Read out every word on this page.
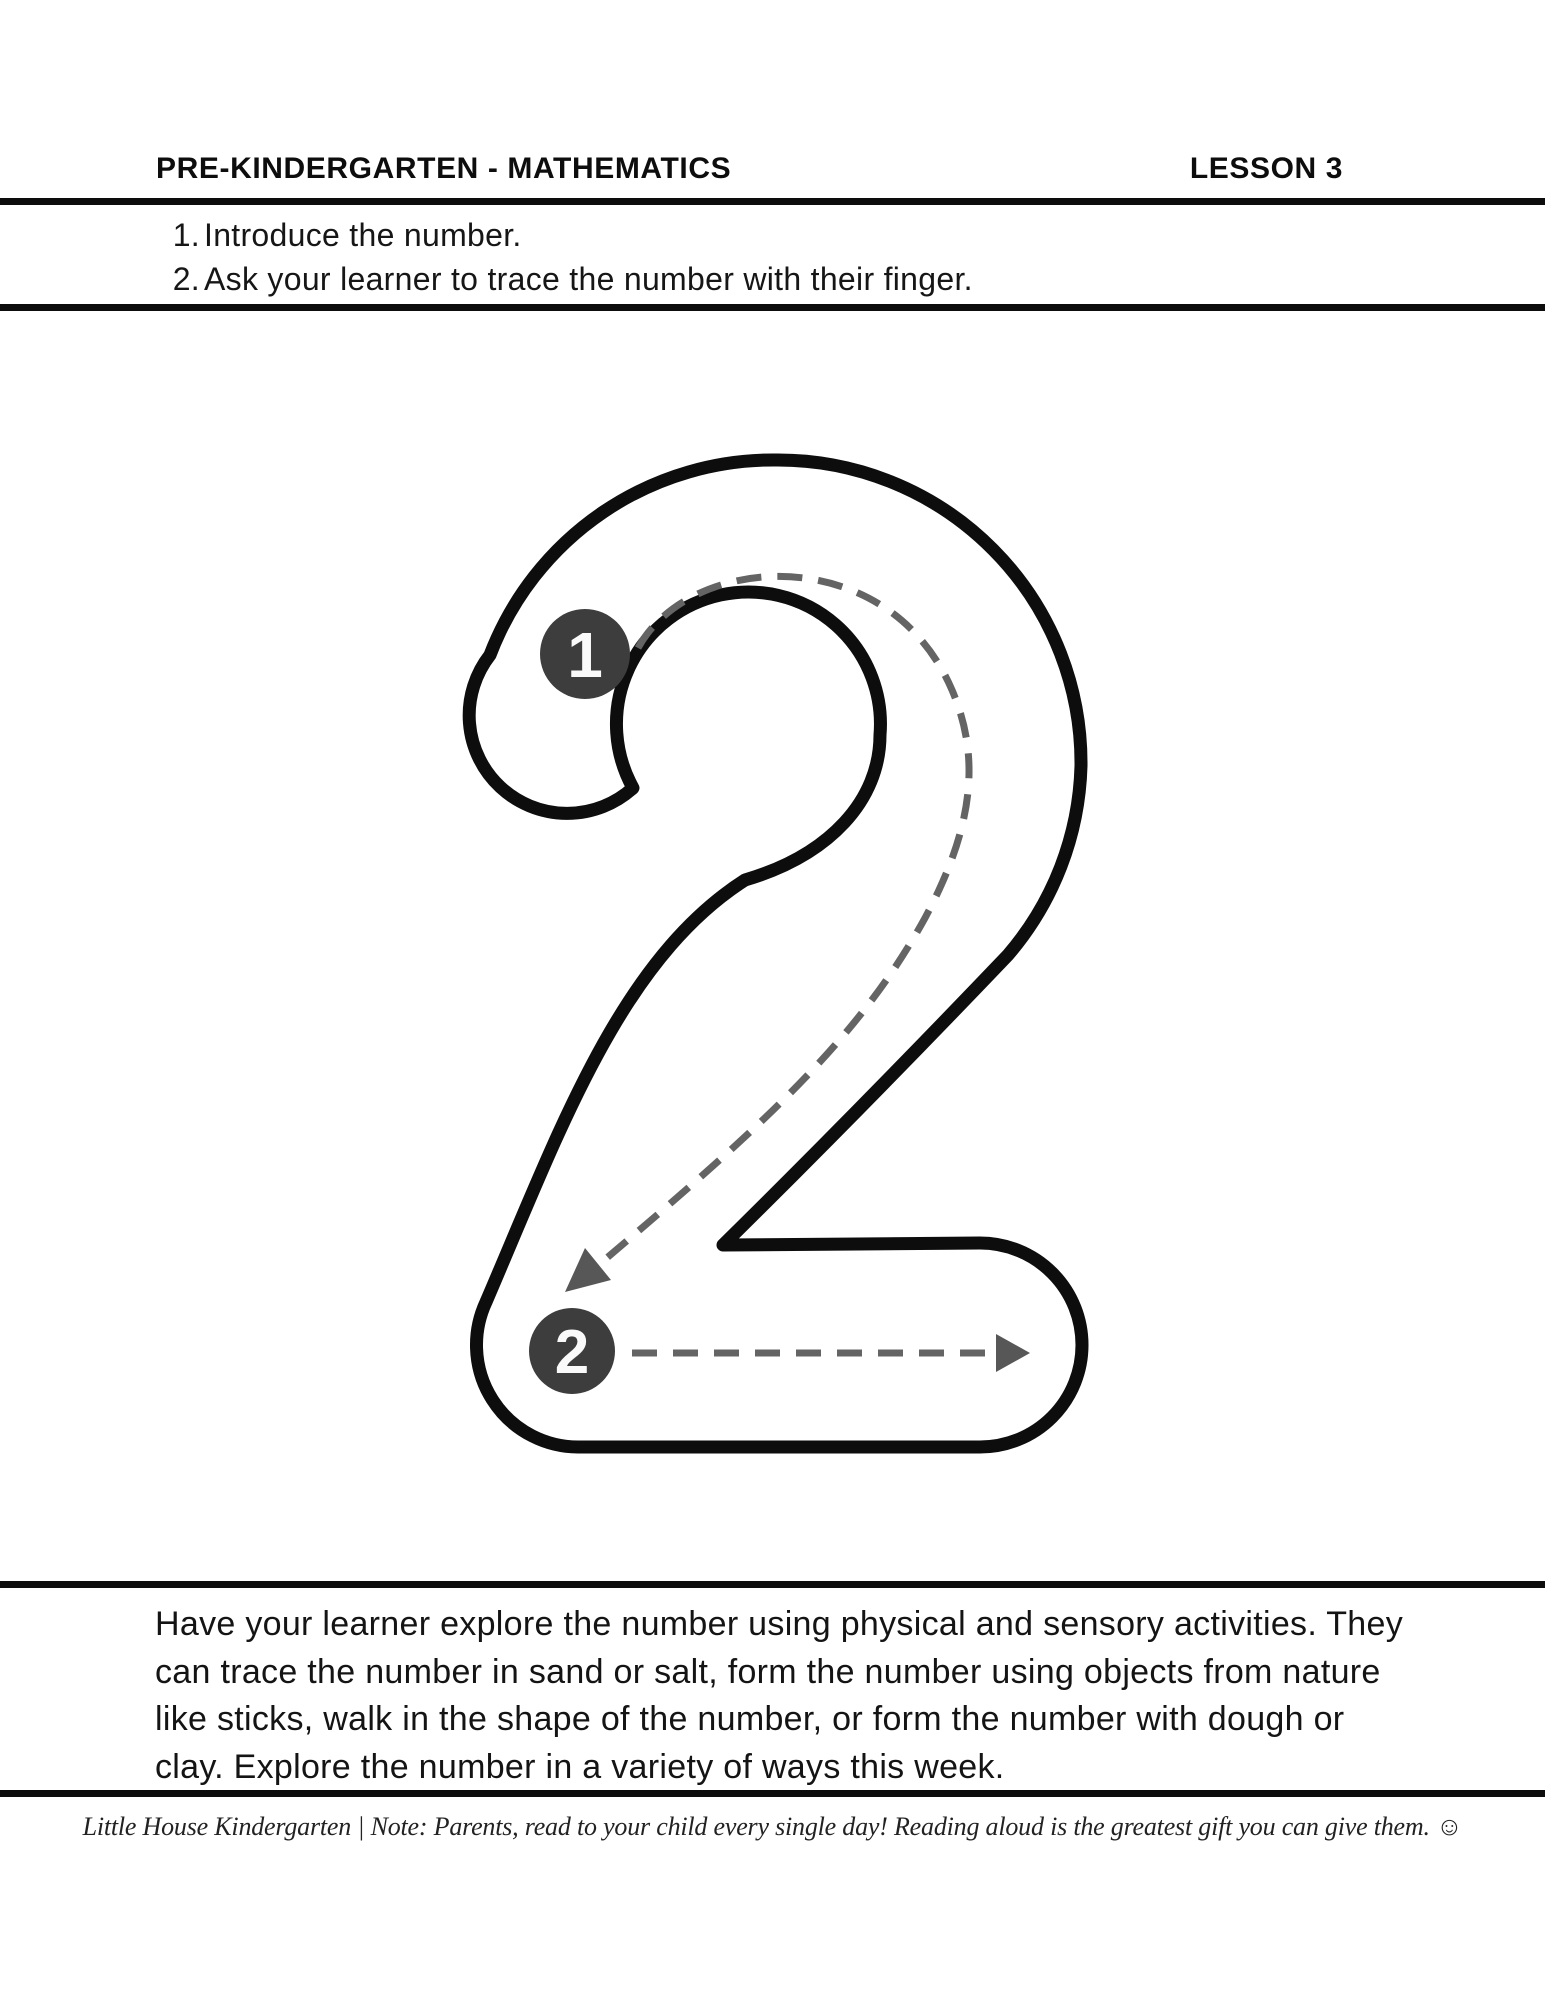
PRE-KINDERGARTEN - MATHEMATICS	LESSON 3
1. Introduce the number.
2. Ask your learner to trace the number with their finger.
1
2
Have your learner explore the number using physical and sensory activities. They
can trace the number in sand or salt, form the number using objects from nature
like sticks, walk in the shape of the number, or form the number with dough or
clay. Explore the number in a variety of ways this week.
Little House Kindergarten | Note: Parents, read to your child every single day! Reading aloud is the greatest gift you can give them. ☺
